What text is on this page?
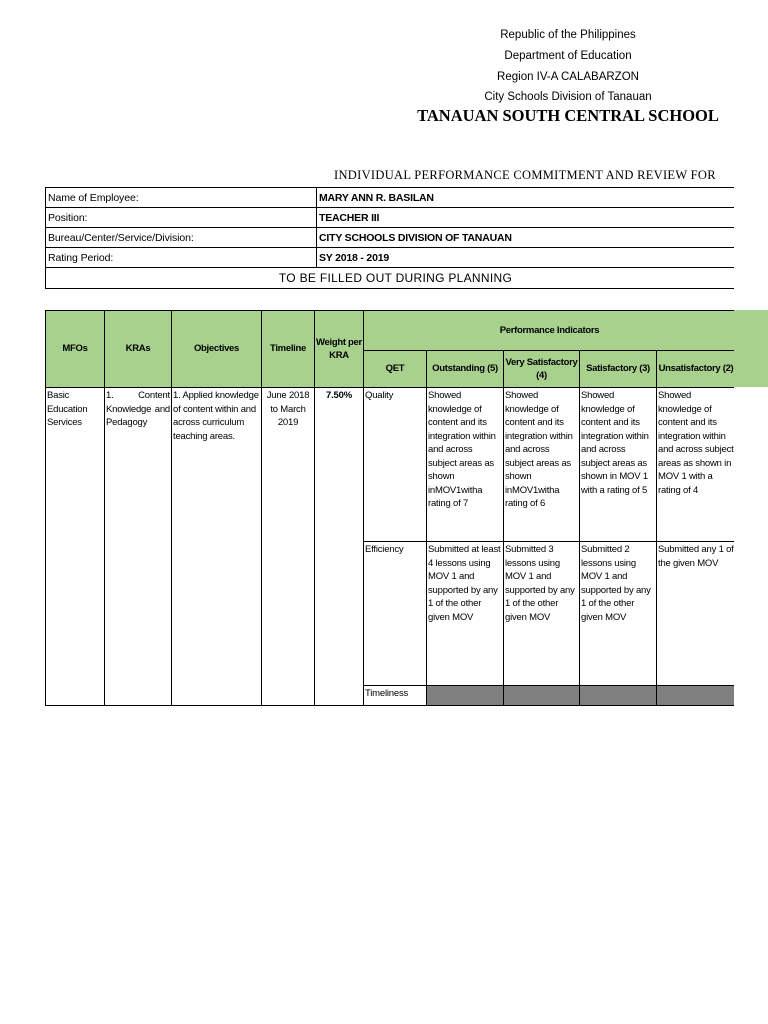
Republic of the Philippines
Department of Education
Region IV-A CALABARZON
City Schools Division of Tanauan
TANAUAN SOUTH CENTRAL SCHOOL
INDIVIDUAL PERFORMANCE COMMITMENT AND REVIEW FOR
Name of Employee:	MARY ANN R. BASILAN
Position:	TEACHER III
Bureau/Center/Service/Division:	CITY SCHOOLS DIVISION OF TANAUAN
Rating Period:	SY 2018 - 2019
TO BE FILLED OUT DURING PLANNING	
MFOs	KRAs	Objectives	Timeline	Weight per KRA	Performance Indicators				
					QET	Outstanding (5)	Very Satisfactory (4)	Satisfactory (3)	Unsatisfactory (2)
Basic Education Services	1. Content Knowledge and Pedagogy	1. Applied knowledge of content within and across curriculum teaching areas.	June 2018 to March 2019	7.50%	Quality	Showed knowledge of content and its integration within and across subject areas as shown inMOV1witha rating of 7	Showed knowledge of content and its integration within and across subject areas as shown inMOV1witha rating of 6	Showed knowledge of content and its integration within and across subject areas as shown in MOV 1 with a rating of 5	Showed knowledge of content and its integration within and across subject areas as shown in MOV 1 with a rating of 4
					Efficiency	Submitted at least 4 lessons using MOV 1 and supported by any 1 of the other given MOV	Submitted 3 lessons using MOV 1 and supported by any 1 of the other given MOV	Submitted 2 lessons using MOV 1 and supported by any 1 of the other given MOV	Submitted any 1 of the given MOV
					Timeliness				
